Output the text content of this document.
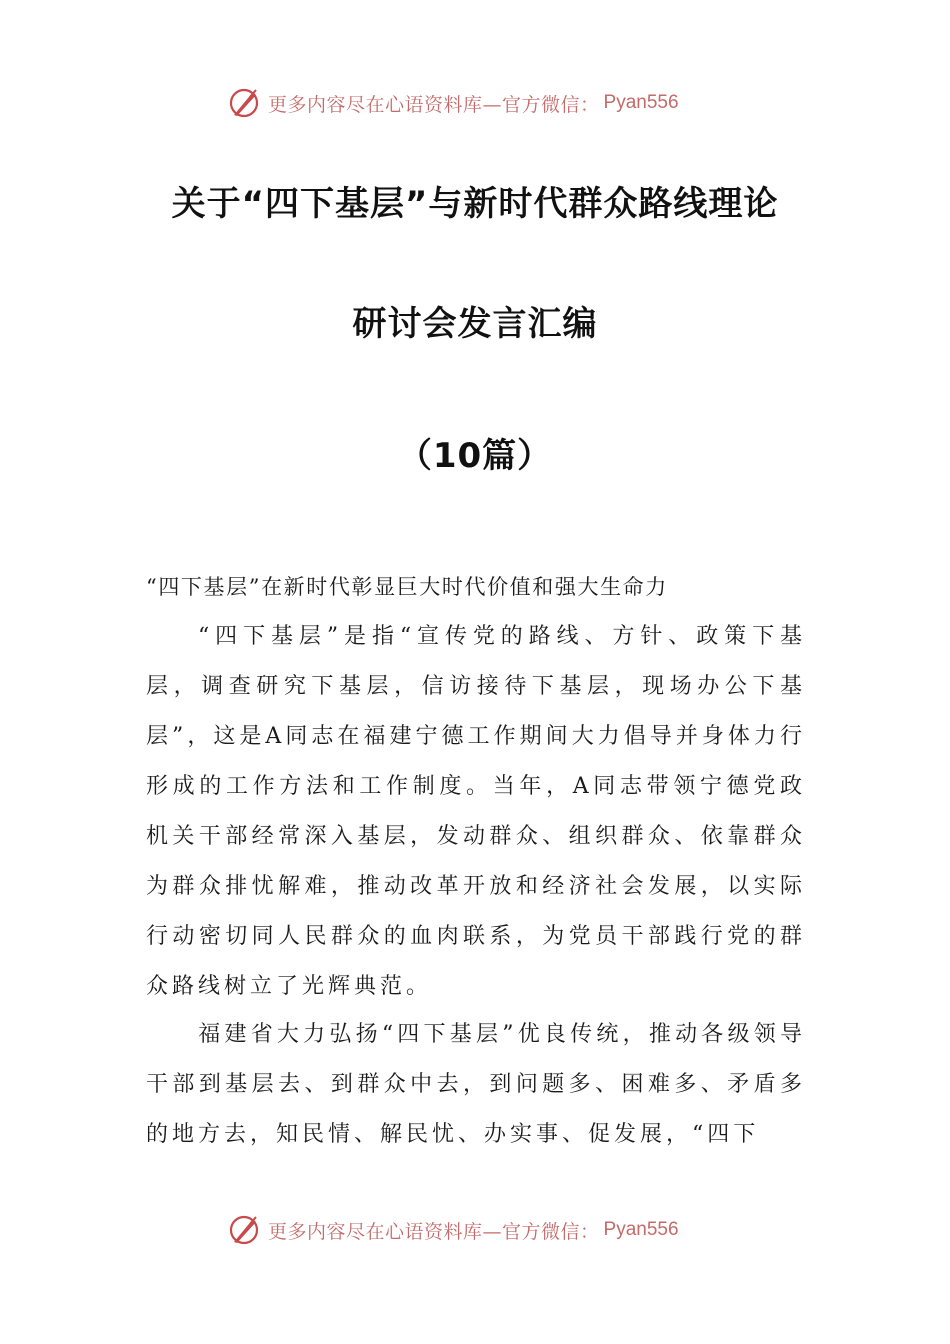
更多内容尽在心语资料库—官方微信： Pyan556
关于“四下基层”与新时代群众路线理论
研讨会发言汇编
（10篇）
“四下基层”在新时代彰显巨大时代价值和强大生命力
“四下基层”是指“宣传党的路线、方针、政策下基层，调查研究下基层，信访接待下基层，现场办公下基层”，这是A同志在福建宁德工作期间大力倡导并身体力行形成的工作方法和工作制度。当年，A同志带领宁德党政机关干部经常深入基层，发动群众、组织群众、依靠群众为群众排忧解难，推动改革开放和经济社会发展，以实际行动密切同人民群众的血肉联系，为党员干部践行党的群众路线树立了光辉典范。
福建省大力弘扬“四下基层”优良传统，推动各级领导干部到基层去、到群众中去，到问题多、困难多、矛盾多的地方去，知民情、解民忧、办实事、促发展，“四下
更多内容尽在心语资料库—官方微信： Pyan556
